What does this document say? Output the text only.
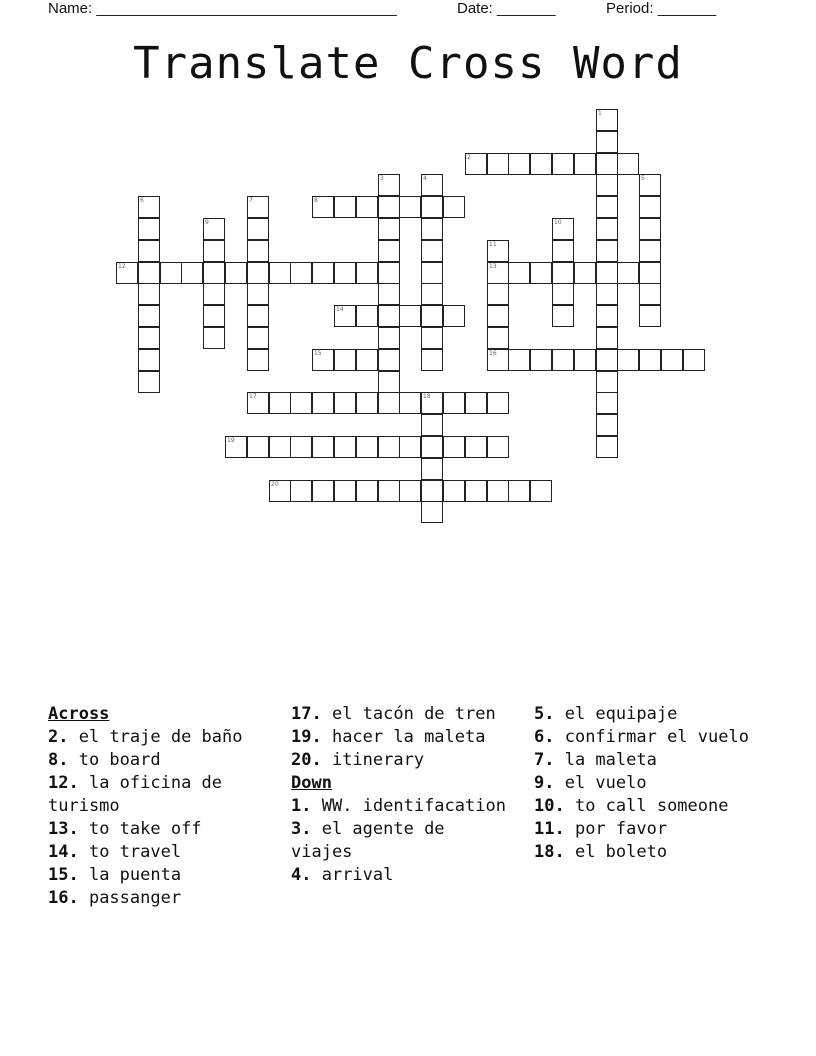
Name: ____________________________________	Date: _______	Period: _______
Translate Cross Word
1
2
3	4	5
6	7	8
9	10
11
12	13
14
15	16
17	18
19
20
Across
2. el traje de baño
8. to board
12. la oficina de turismo
13. to take off
14. to travel
15. la puenta
16. passanger
17. el tacón de tren
19. hacer la maleta
20. itinerary
Down
1. WW. identifacation
3. el agente de viajes
4. arrival
5. el equipaje
6. confirmar el vuelo
7. la maleta
9. el vuelo
10. to call someone
11. por favor
18. el boleto
